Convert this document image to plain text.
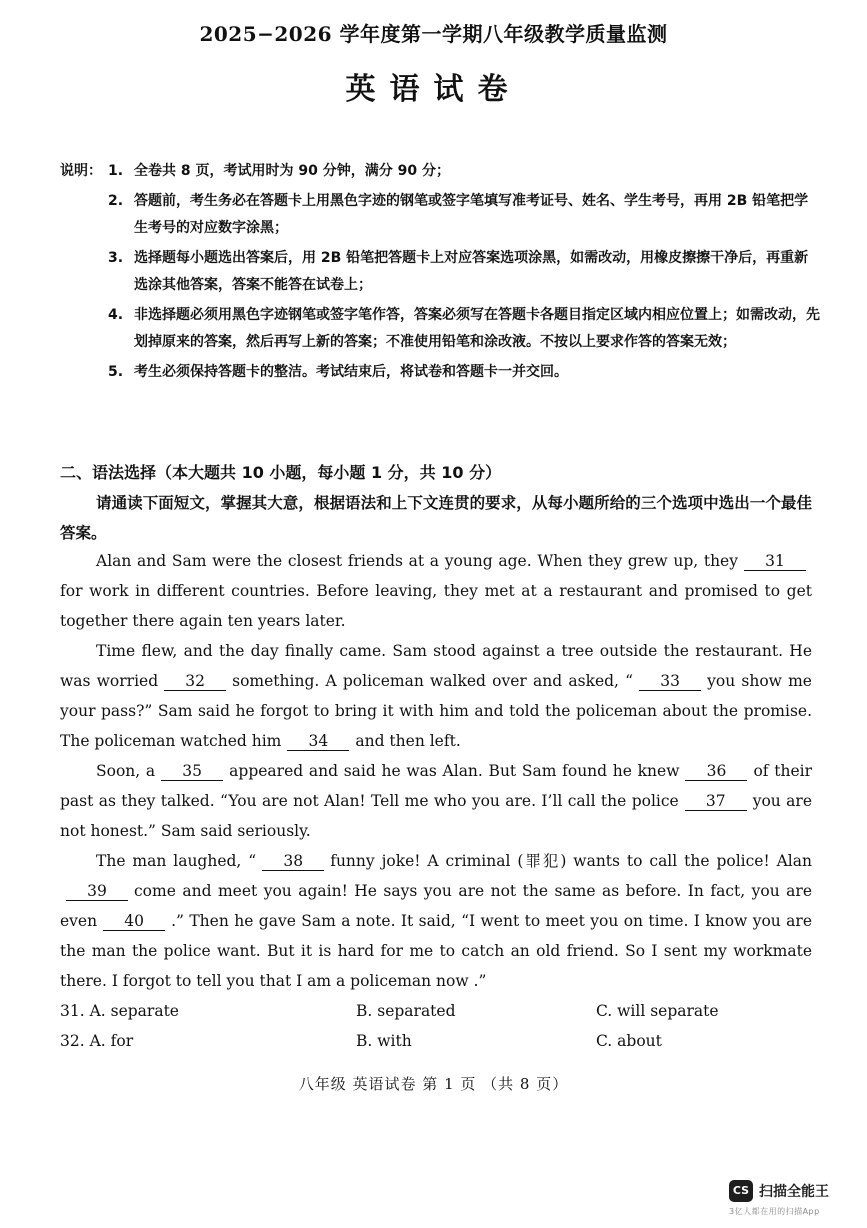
2025−2026 学年度第一学期八年级教学质量监测
英语试卷
说明： 1. 全卷共 8 页，考试用时为 90 分钟，满分 90 分；
2. 答题前，考生务必在答题卡上用黑色字迹的钢笔或签字笔填写准考证号、姓名、学生考号，再用 2B 铅笔把学生考号的对应数字涂黑；
3. 选择题每小题选出答案后，用 2B 铅笔把答题卡上对应答案选项涂黑，如需改动，用橡皮擦擦干净后，再重新选涂其他答案，答案不能答在试卷上；
4. 非选择题必须用黑色字迹钢笔或签字笔作答，答案必须写在答题卡各题目指定区域内相应位置上；如需改动，先划掉原来的答案，然后再写上新的答案；不准使用铅笔和涂改液。不按以上要求作答的答案无效；
5. 考生必须保持答题卡的整洁。考试结束后，将试卷和答题卡一并交回。
二、语法选择（本大题共 10 小题，每小题 1 分，共 10 分）
请通读下面短文，掌握其大意，根据语法和上下文连贯的要求，从每小题所给的三个选项中选出一个最佳答案。

Alan and Sam were the closest friends at a young age. When they grew up, they 31for work in different countries. Before leaving, they met at a restaurant and promised to get together there again ten years later.

Time flew, and the day finally came. Sam stood against a tree outside the restaurant. He was worried 32 something. A policeman walked over and asked, “ 33 you show me your pass?” Sam said he forgot to bring it with him and told the policeman about the promise. The policeman watched him 34 and then left.

Soon, a 35 appeared and said he was Alan. But Sam found he knew 36 of their past as they talked. “You are not Alan! Tell me who you are. I’ll call the police 37 you are not honest.” Sam said seriously.

The man laughed, “ 38 funny joke! A criminal (罪犯) wants to call the police! Alan39 come and meet you again! He says you are not the same as before. In fact, you are even 40 .” Then he gave Sam a note. It said, “I went to meet you on time. I know you are the man the police want. But it is hard for me to catch an old friend. So I sent my workmate there. I forgot to tell you that I am a policeman now .”

31. A. separate	B. separated	C. will separate
32. A. for	B. with	C. about
八年级 英语试卷 第 1 页 （共 8 页）
CS 扫描全能王
3亿人都在用的扫描App
